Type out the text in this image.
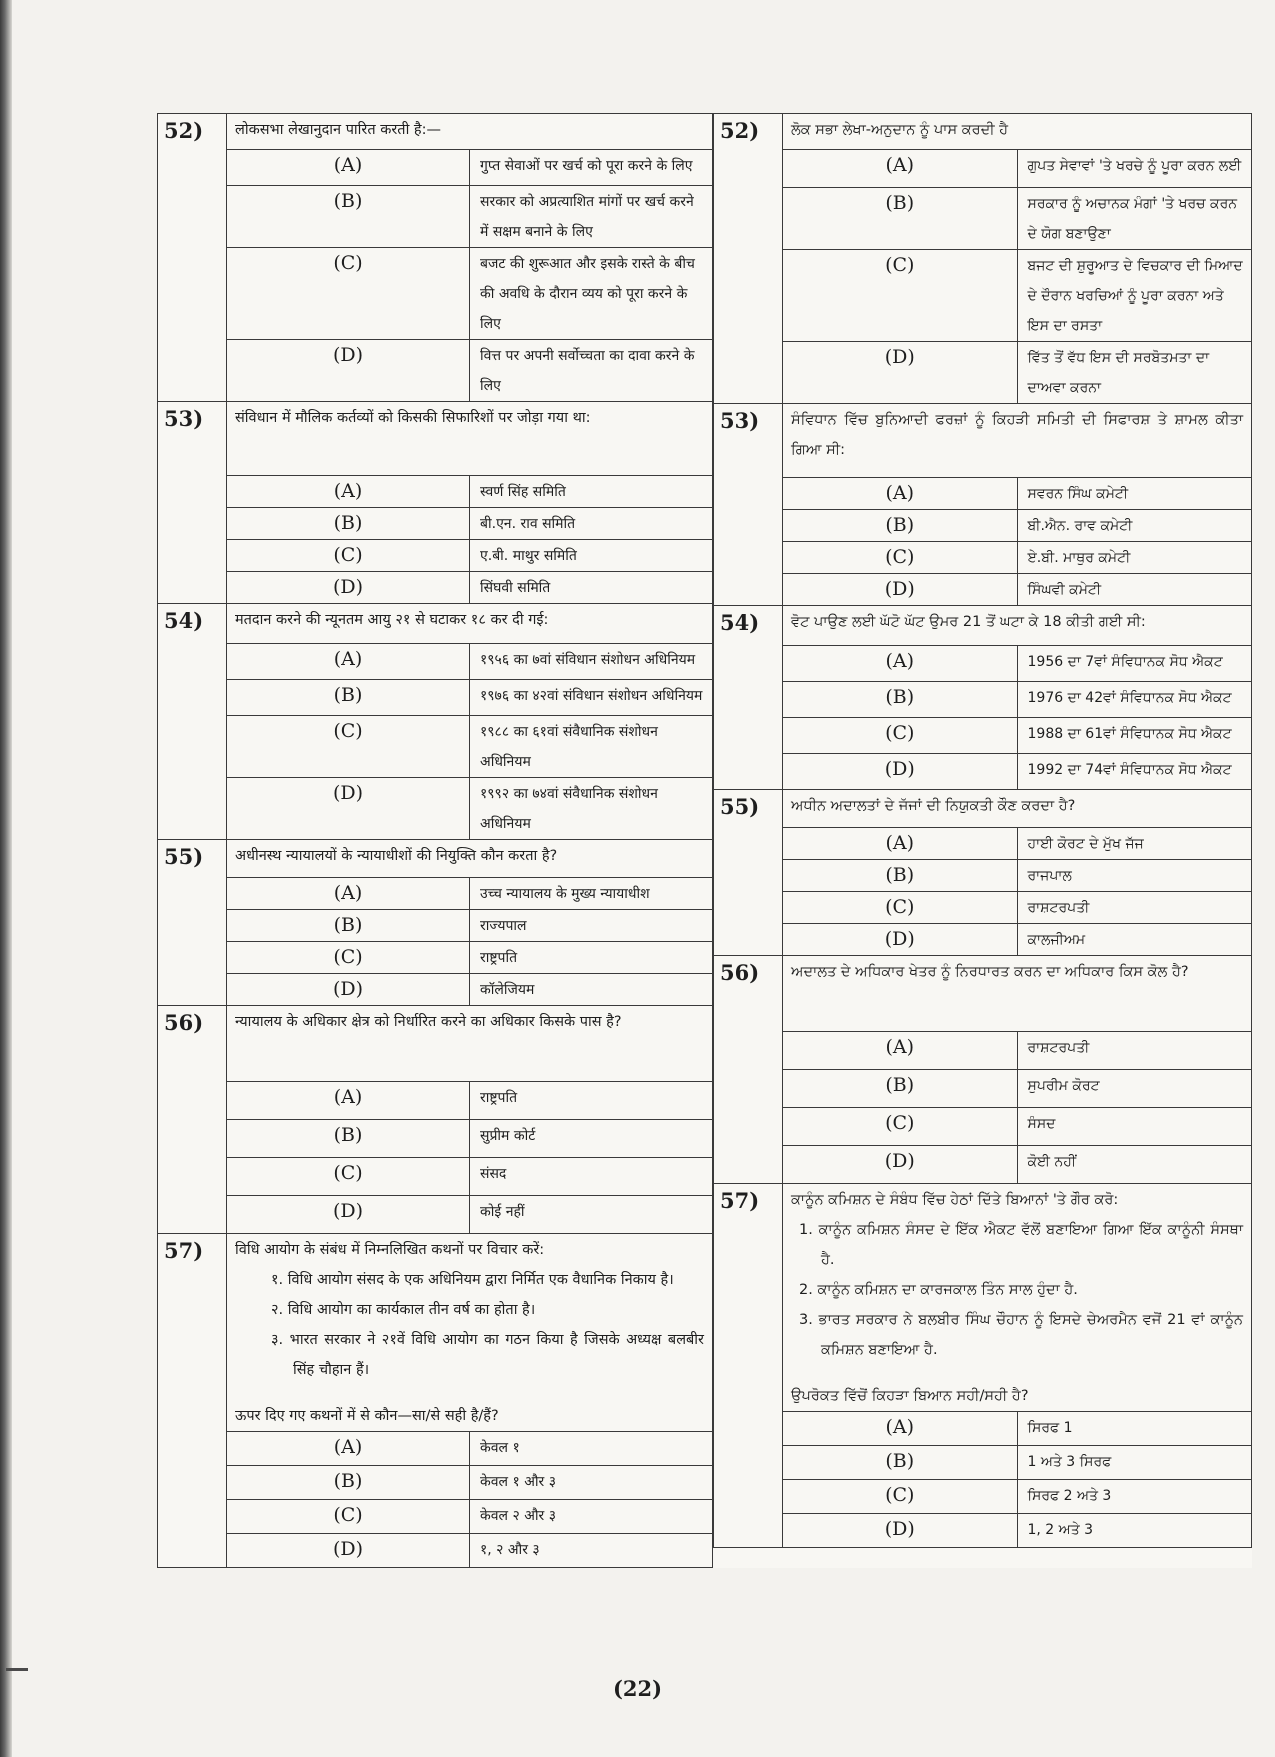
52)	लोकसभा लेखानुदान पारित करती है:—	

	(A)	गुप्त सेवाओं पर खर्च को पूरा करने के लिए
	(B)	सरकार को अप्रत्याशित मांगों पर खर्च करने में सक्षम बनाने के लिए
	(C)	बजट की शुरूआत और इसके रास्ते के बीच की अवधि के दौरान व्यय को पूरा करने के लिए
	(D)	वित्त पर अपनी सर्वोच्चता का दावा करने के लिए
53)	संविधान में मौलिक कर्तव्यों को किसकी सिफारिशों पर जोड़ा गया था:	

	(A)	स्वर्ण सिंह समिति
	(B)	बी.एन. राव समिति
	(C)	ए.बी. माथुर समिति
	(D)	सिंघवी समिति
54)	मतदान करने की न्यूनतम आयु २१ से घटाकर १८ कर दी गई:	

	(A)	१९५६ का ७वां संविधान संशोधन अधिनियम
	(B)	१९७६ का ४२वां संविधान संशोधन अधिनियम
	(C)	१९८८ का ६१वां संवैधानिक संशोधन अधिनियम
	(D)	१९९२ का ७४वां संवैधानिक संशोधन अधिनियम
55)	अधीनस्थ न्यायालयों के न्यायाधीशों की नियुक्ति कौन करता है?	

	(A)	उच्च न्यायालय के मुख्य न्यायाधीश
	(B)	राज्यपाल
	(C)	राष्ट्रपति
	(D)	कॉलेजियम
56)	न्यायालय के अधिकार क्षेत्र को निर्धारित करने का अधिकार किसके पास है?	

	(A)	राष्ट्रपति
	(B)	सुप्रीम कोर्ट
	(C)	संसद
	(D)	कोई नहीं
57)	विधि आयोग के संबंध में निम्नलिखित कथनों पर विचार करें:
१. विधि आयोग संसद के एक अधिनियम द्वारा निर्मित एक वैधानिक निकाय है।
२. विधि आयोग का कार्यकाल तीन वर्ष का होता है।
३. भारत सरकार ने २१वें विधि आयोग का गठन किया है जिसके अध्यक्ष बलबीर सिंह चौहान हैं।
ऊपर दिए गए कथनों में से कौन—सा/से सही है/हैं?	

	(A)	केवल १
	(B)	केवल १ और ३
	(C)	केवल २ और ३
	(D)	१, २ और ३
52)	ਲੋਕ ਸਭਾ ਲੇਖਾ-ਅਨੁਦਾਨ ਨੂੰ ਪਾਸ ਕਰਦੀ ਹੈ	

	(A)	ਗੁਪਤ ਸੇਵਾਵਾਂ 'ਤੇ ਖਰਚੇ ਨੂੰ ਪੂਰਾ ਕਰਨ ਲਈ
	(B)	ਸਰਕਾਰ ਨੂੰ ਅਚਾਨਕ ਮੰਗਾਂ 'ਤੇ ਖਰਚ ਕਰਨ ਦੇ ਯੋਗ ਬਣਾਉਣਾ
	(C)	ਬਜਟ ਦੀ ਸ਼ੁਰੂਆਤ ਦੇ ਵਿਚਕਾਰ ਦੀ ਮਿਆਦ ਦੇ ਦੌਰਾਨ ਖਰਚਿਆਂ ਨੂੰ ਪੂਰਾ ਕਰਨਾ ਅਤੇ ਇਸ ਦਾ ਰਸਤਾ
	(D)	ਵਿੱਤ ਤੋਂ ਵੱਧ ਇਸ ਦੀ ਸਰਬੋਤਮਤਾ ਦਾ ਦਾਅਵਾ ਕਰਨਾ
53)	ਸੰਵਿਧਾਨ ਵਿੱਚ ਬੁਨਿਆਦੀ ਫਰਜ਼ਾਂ ਨੂੰ ਕਿਹੜੀ ਸਮਿਤੀ ਦੀ ਸਿਫਾਰਸ਼ ਤੇ ਸ਼ਾਮਲ ਕੀਤਾ ਗਿਆ ਸੀ:	

	(A)	ਸਵਰਨ ਸਿੰਘ ਕਮੇਟੀ
	(B)	ਬੀ.ਐਨ. ਰਾਵ ਕਮੇਟੀ
	(C)	ਏ.ਬੀ. ਮਾਥੁਰ ਕਮੇਟੀ
	(D)	ਸਿੰਘਵੀ ਕਮੇਟੀ
54)	ਵੋਟ ਪਾਉਣ ਲਈ ਘੱਟੋ ਘੱਟ ਉਮਰ 21 ਤੋਂ ਘਟਾ ਕੇ 18 ਕੀਤੀ ਗਈ ਸੀ:	

	(A)	1956 ਦਾ 7ਵਾਂ ਸੰਵਿਧਾਨਕ ਸੋਧ ਐਕਟ
	(B)	1976 ਦਾ 42ਵਾਂ ਸੰਵਿਧਾਨਕ ਸੋਧ ਐਕਟ
	(C)	1988 ਦਾ 61ਵਾਂ ਸੰਵਿਧਾਨਕ ਸੋਧ ਐਕਟ
	(D)	1992 ਦਾ 74ਵਾਂ ਸੰਵਿਧਾਨਕ ਸੋਧ ਐਕਟ
55)	ਅਧੀਨ ਅਦਾਲਤਾਂ ਦੇ ਜੱਜਾਂ ਦੀ ਨਿਯੁਕਤੀ ਕੌਣ ਕਰਦਾ ਹੈ?	

	(A)	ਹਾਈ ਕੋਰਟ ਦੇ ਮੁੱਖ ਜੱਜ
	(B)	ਰਾਜਪਾਲ
	(C)	ਰਾਸ਼ਟਰਪਤੀ
	(D)	ਕਾਲਜੀਅਮ
56)	ਅਦਾਲਤ ਦੇ ਅਧਿਕਾਰ ਖੇਤਰ ਨੂੰ ਨਿਰਧਾਰਤ ਕਰਨ ਦਾ ਅਧਿਕਾਰ ਕਿਸ ਕੋਲ ਹੈ?	

	(A)	ਰਾਸ਼ਟਰਪਤੀ
	(B)	ਸੁਪਰੀਮ ਕੋਰਟ
	(C)	ਸੰਸਦ
	(D)	ਕੋਈ ਨਹੀਂ
57)	ਕਾਨੂੰਨ ਕਮਿਸ਼ਨ ਦੇ ਸੰਬੰਧ ਵਿੱਚ ਹੇਠਾਂ ਦਿੱਤੇ ਬਿਆਨਾਂ 'ਤੇ ਗੌਰ ਕਰੋ:
1. ਕਾਨੂੰਨ ਕਮਿਸ਼ਨ ਸੰਸਦ ਦੇ ਇੱਕ ਐਕਟ ਵੱਲੋਂ ਬਣਾਇਆ ਗਿਆ ਇੱਕ ਕਾਨੂੰਨੀ ਸੰਸਥਾ ਹੈ.
2. ਕਾਨੂੰਨ ਕਮਿਸ਼ਨ ਦਾ ਕਾਰਜਕਾਲ ਤਿੰਨ ਸਾਲ ਹੁੰਦਾ ਹੈ.
3. ਭਾਰਤ ਸਰਕਾਰ ਨੇ ਬਲਬੀਰ ਸਿੰਘ ਚੌਹਾਨ ਨੂੰ ਇਸਦੇ ਚੇਅਰਮੈਨ ਵਜੋਂ 21 ਵਾਂ ਕਾਨੂੰਨ ਕਮਿਸ਼ਨ ਬਣਾਇਆ ਹੈ.
ਉਪਰੋਕਤ ਵਿੱਚੋਂ ਕਿਹੜਾ ਬਿਆਨ ਸਹੀ/ਸਹੀ ਹੈ?	

	(A)	ਸਿਰਫ 1
	(B)	1 ਅਤੇ 3 ਸਿਰਫ
	(C)	ਸਿਰਫ 2 ਅਤੇ 3
	(D)	1, 2 ਅਤੇ 3
(22)
